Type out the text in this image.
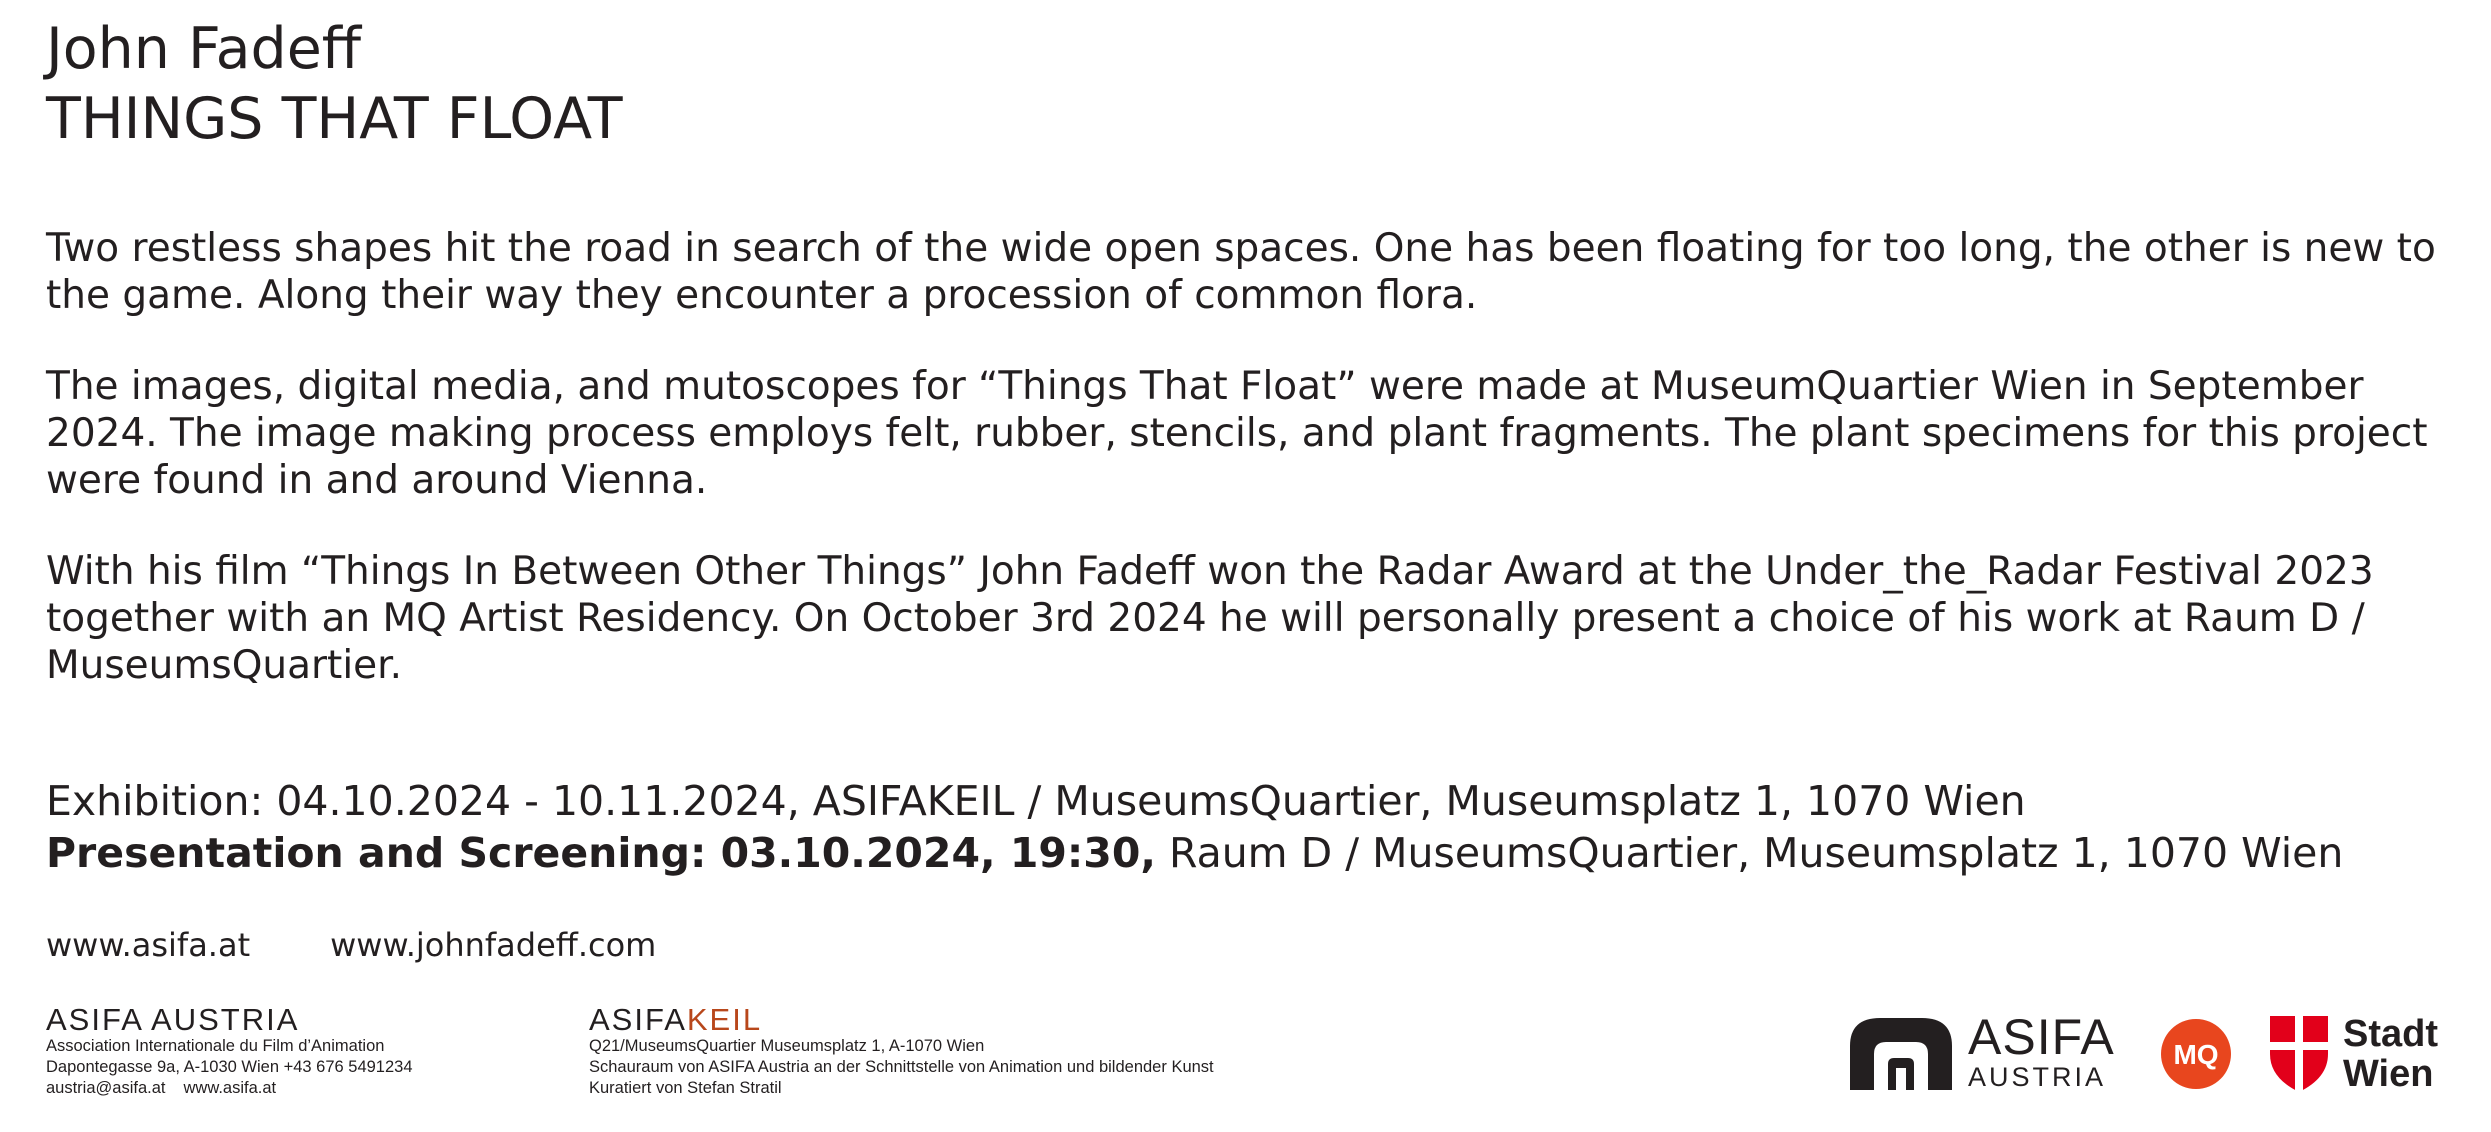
John Fadeff
THINGS THAT FLOAT
Two restless shapes hit the road in search of the wide open spaces. One has been floating for too long, the other is new to the game. Along their way they encounter a procession of common flora.
The images, digital media, and mutoscopes for “Things That Float” were made at MuseumQuartier Wien in September 2024. The image making process employs felt, rubber, stencils, and plant fragments. The plant specimens for this project were found in and around Vienna.
With his film “Things In Between Other Things” John Fadeff won the Radar Award at the Under_the_Radar Festival 2023 together with an MQ Artist Residency. On October 3rd 2024 he will personally present a choice of his work at Raum D / MuseumsQuartier.
Exhibition: 04.10.2024 - 10.11.2024, ASIFAKEIL / MuseumsQuartier, Museumsplatz 1, 1070 Wien
Presentation and Screening: 03.10.2024, 19:30, Raum D / MuseumsQuartier, Museumsplatz 1, 1070 Wien
www.asifa.at	www.johnfadeff.com
ASIFA AUSTRIA
Association Internationale du Film d’Animation
Dapontegasse 9a, A-1030 Wien +43 676 5491234
austria@asifa.at www.asifa.at
ASIFAKEIL
Q21/MuseumsQuartier Museumsplatz 1, A-1070 Wien
Schauraum von ASIFA Austria an der Schnittstelle von Animation und bildender Kunst
Kuratiert von Stefan Stratil
ASIFA
AUSTRIA
MQ	Stadt
Wien
